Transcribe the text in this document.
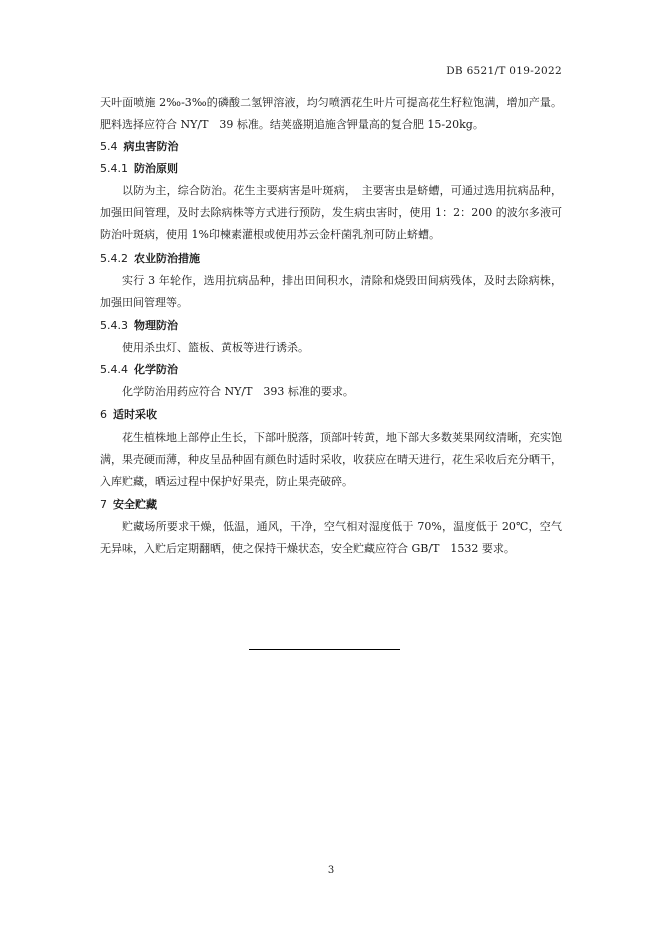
DB 6521/T 019-2022
天叶面喷施 2‰-3‰的磷酸二氢钾溶液，均匀喷洒花生叶片可提高花生籽粒饱满，增加产量。肥料选择应符合 NY/T　39 标准。结荚盛期追施含钾量高的复合肥 15-20kg。
5.4 病虫害防治
5.4.1 防治原则
以防为主，综合防治。花生主要病害是叶斑病，　主要害虫是蛴螬，可通过选用抗病品种，加强田间管理，及时去除病株等方式进行预防，发生病虫害时，使用 1：2：200 的波尔多液可防治叶斑病，使用 1%印楝素灌根或使用苏云金杆菌乳剂可防止蛴螬。
5.4.2 农业防治措施
实行 3 年轮作，选用抗病品种，排出田间积水，清除和烧毁田间病残体，及时去除病株，加强田间管理等。
5.4.3 物理防治
使用杀虫灯、篮板、黄板等进行诱杀。
5.4.4 化学防治
化学防治用药应符合 NY/T　393 标准的要求。
6 适时采收
花生植株地上部停止生长，下部叶脱落，顶部叶转黄，地下部大多数荚果网纹清晰，充实饱满，果壳硬而薄，种皮呈品种固有颜色时适时采收，收获应在晴天进行，花生采收后充分晒干，入库贮藏，晒运过程中保护好果壳，防止果壳破碎。
7 安全贮藏
贮藏场所要求干燥，低温，通风，干净，空气相对湿度低于 70%，温度低于 20℃，空气无异味，入贮后定期翻晒，使之保持干燥状态，安全贮藏应符合 GB/T　1532 要求。
3
